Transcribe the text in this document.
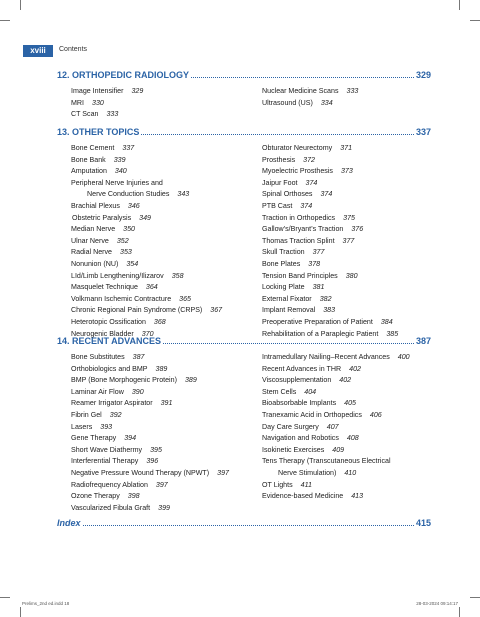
xviii	Contents
12. ORTHOPEDIC RADIOLOGY	329
Image Intensifier 329
MRI 330
CT Scan 333
Nuclear Medicine Scans 333
Ultrasound (US) 334
13. OTHER TOPICS	337
Bone Cement 337
Bone Bank 339
Amputation 340
Peripheral Nerve Injuries and
Nerve Conduction Studies 343
Brachial Plexus 346
Obstetric Paralysis 349
Median Nerve 350
Ulnar Nerve 352
Radial Nerve 353
Nonunion (NU) 354
LId/Limb Lengthening/Ilizarov 358
Masquelet Technique 364
Volkmann Ischemic Contracture 365
Chronic Regional Pain Syndrome (CRPS) 367
Heterotopic Ossification 368
Neurogenic Bladder 370
Obturator Neurectomy 371
Prosthesis 372
Myoelectric Prosthesis 373
Jaipur Foot 374
Spinal Orthoses 374
PTB Cast 374
Traction in Orthopedics 375
Gallow’s/Bryant’s Traction 376
Thomas Traction Splint 377
Skull Traction 377
Bone Plates 378
Tension Band Principles 380
Locking Plate 381
External Fixator 382
Implant Removal 383
Preoperative Preparation of Patient 384
Rehabilitation of a Paraplegic Patient 385
14. RECENT ADVANCES	387
Bone Substitutes 387
Orthobiologics and BMP 389
BMP (Bone Morphogenic Protein) 389
Laminar Air Flow 390
Reamer Irrigator Aspirator 391
Fibrin Gel 392
Lasers 393
Gene Therapy 394
Short Wave Diathermy 395
Interferential Therapy 396
Negative Pressure Wound Therapy (NPWT) 397
Radiofrequency Ablation 397
Ozone Therapy 398
Vascularized Fibula Graft 399
Intramedullary Nailing–Recent Advances 400
Recent Advances in THR 402
Viscosupplementation 402
Stem Cells 404
Bioabsorbable Implants 405
Tranexamic Acid in Orthopedics 406
Day Care Surgery 407
Navigation and Robotics 408
Isokinetic Exercises 409
Tens Therapy (Transcutaneous Electrical
Nerve Stimulation) 410
OT Lights 411
Evidence-based Medicine 413
Index	415
Prelims_2nd ed.indd 18	28-03-2024 09:14:17
